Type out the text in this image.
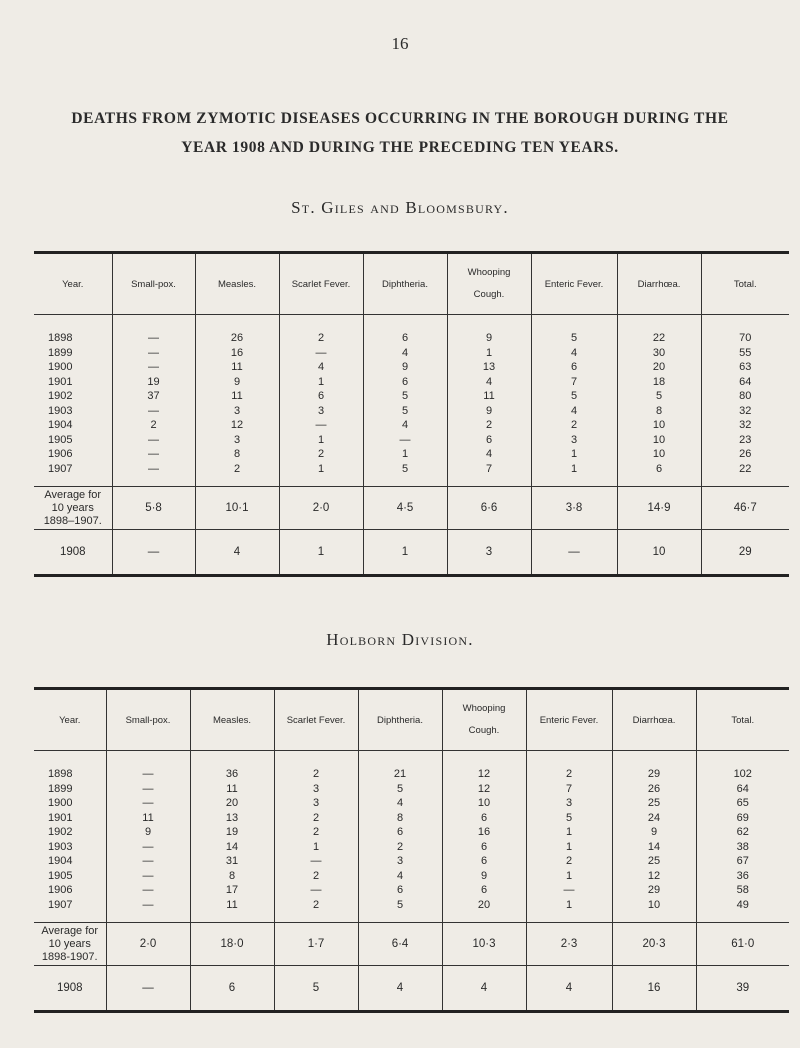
16
DEATHS FROM ZYMOTIC DISEASES OCCURRING IN THE BOROUGH DURING THE
YEAR 1908 AND DURING THE PRECEDING TEN YEARS.
St. Giles and Bloomsbury.
Year.	Small-pox.	Measles.	Scarlet Fever.	Diphtheria.	Whooping
Cough.	Enteric Fever.	Diarrhœa.	Total.
1898	—	26	2	6	9	5	22	70
1899	—	16	—	4	1	4	30	55
1900	—	11	4	9	13	6	20	63
1901	19	9	1	6	4	7	18	64
1902	37	11	6	5	11	5	5	80
1903	—	3	3	5	9	4	8	32
1904	2	12	—	4	2	2	10	32
1905	—	3	1	—	6	3	10	23
1906	—	8	2	1	4	1	10	26
1907	—	2	1	5	7	1	6	22
Average for
10 years
1898–1907.	5·8	10·1	2·0	4·5	6·6	3·8	14·9	46·7
1908	—	4	1	1	3	—	10	29
Holborn Division.
Year.	Small-pox.	Measles.	Scarlet Fever.	Diphtheria.	Whooping
Cough.	Enteric Fever.	Diarrhœa.	Total.
1898	—	36	2	21	12	2	29	102
1899	—	11	3	5	12	7	26	64
1900	—	20	3	4	10	3	25	65
1901	11	13	2	8	6	5	24	69
1902	9	19	2	6	16	1	9	62
1903	—	14	1	2	6	1	14	38
1904	—	31	—	3	6	2	25	67
1905	—	8	2	4	9	1	12	36
1906	—	17	—	6	6	—	29	58
1907	—	11	2	5	20	1	10	49
Average for
10 years
1898-1907.	2·0	18·0	1·7	6·4	10·3	2·3	20·3	61·0
1908	—	6	5	4	4	4	16	39
